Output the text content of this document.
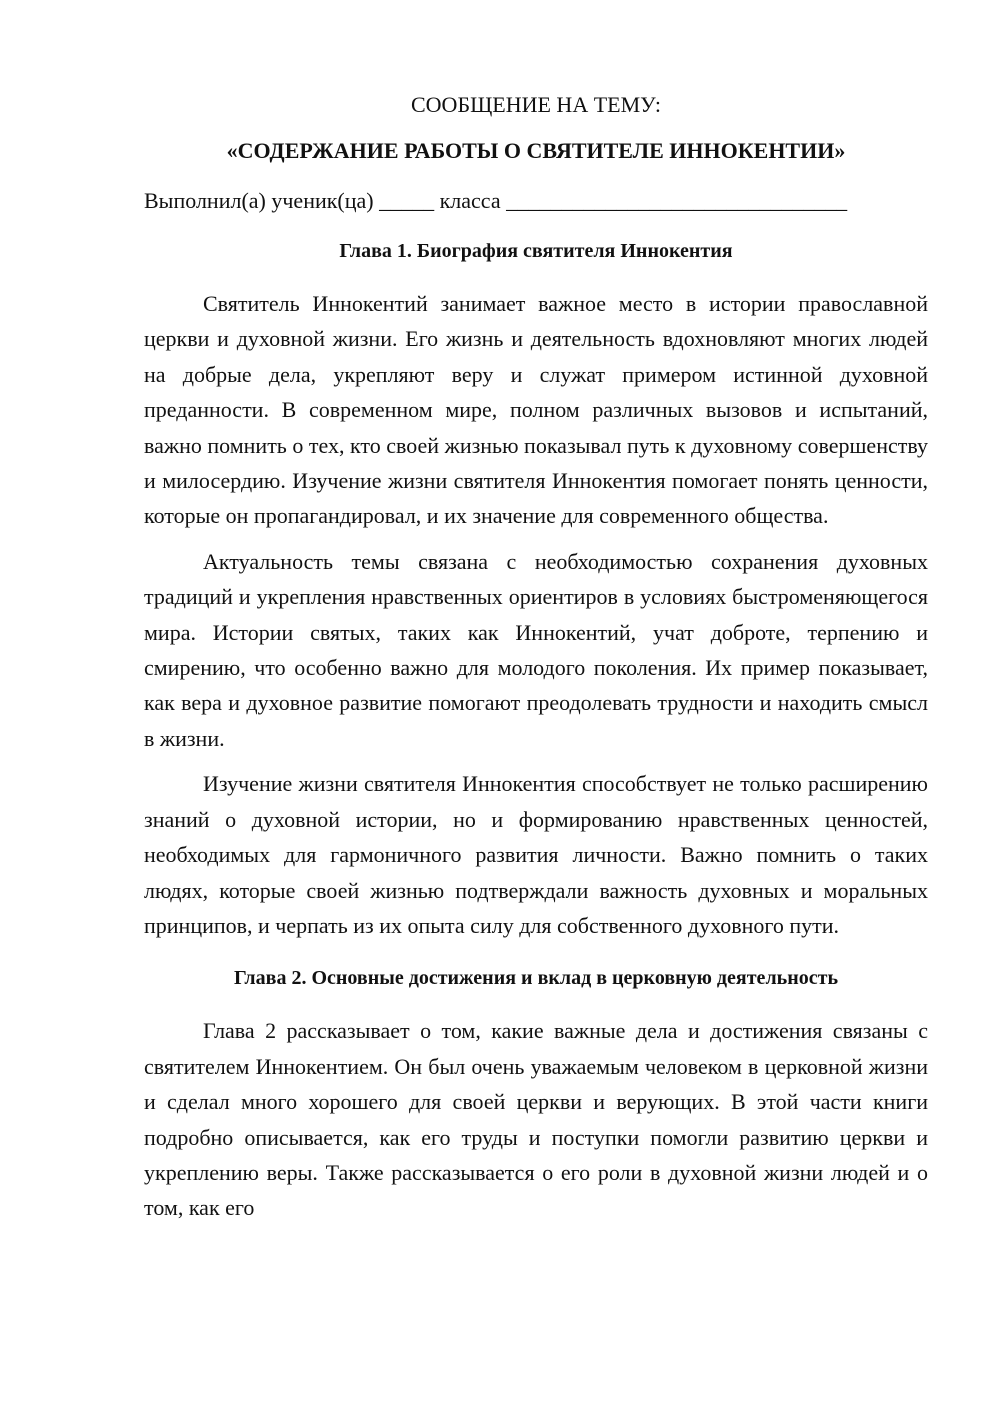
СООБЩЕНИЕ НА ТЕМУ:

«СОДЕРЖАНИЕ РАБОТЫ О СВЯТИТЕЛЕ ИННОКЕНТИИ»

Выполнил(а) ученик(ца) _____ класса _______________________________

Глава 1. Биография святителя Иннокентия

Святитель Иннокентий занимает важное место в истории православной церкви и духовной жизни. Его жизнь и деятельность вдохновляют многих людей на добрые дела, укрепляют веру и служат примером истинной духовной преданности. В современном мире, полном различных вызовов и испытаний, важно помнить о тех, кто своей жизнью показывал путь к духовному совершенству и милосердию. Изучение жизни святителя Иннокентия помогает понять ценности, которые он пропагандировал, и их значение для современного общества.

Актуальность темы связана с необходимостью сохранения духовных традиций и укрепления нравственных ориентиров в условиях быстроменяющегося мира. Истории святых, таких как Иннокентий, учат доброте, терпению и смирению, что особенно важно для молодого поколения. Их пример показывает, как вера и духовное развитие помогают преодолевать трудности и находить смысл в жизни.

Изучение жизни святителя Иннокентия способствует не только расширению знаний о духовной истории, но и формированию нравственных ценностей, необходимых для гармоничного развития личности. Важно помнить о таких людях, которые своей жизнью подтверждали важность духовных и моральных принципов, и черпать из их опыта силу для собственного духовного пути.

Глава 2. Основные достижения и вклад в церковную деятельность

Глава 2 рассказывает о том, какие важные дела и достижения связаны с святителем Иннокентием. Он был очень уважаемым человеком в церковной жизни и сделал много хорошего для своей церкви и верующих. В этой части книги подробно описывается, как его труды и поступки помогли развитию церкви и укреплению веры. Также рассказывается о его роли в духовной жизни людей и о том, как его
